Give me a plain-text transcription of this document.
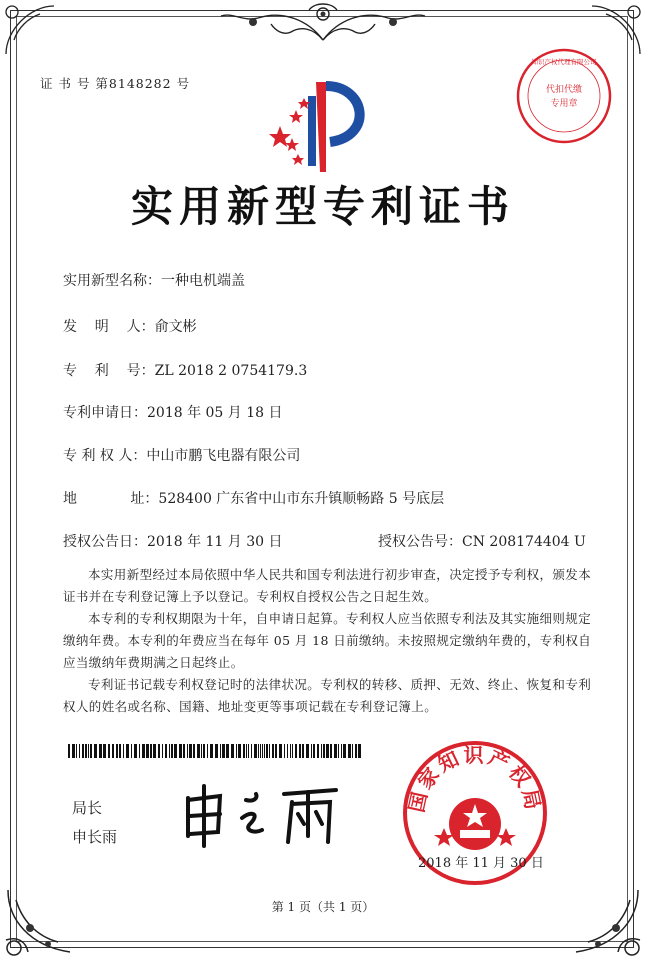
证 书 号 第8148282 号	代扣代缴
专用章
知识产权代理有限公司
实用新型专利证书
实用新型名称：一种电机端盖
发    明    人：俞文彬
专    利    号：ZL 2018 2 0754179.3
专利申请日：2018 年 05 月 18 日
专 利 权 人：中山市鹏飞电器有限公司
地            址：528400 广东省中山市东升镇顺畅路 5 号底层
授权公告日：2018 年 11 月 30 日	授权公告号：CN 208174404 U

本实用新型经过本局依照中华人民共和国专利法进行初步审查，决定授予专利权，颁发本证书并在专利登记簿上予以登记。专利权自授权公告之日起生效。

本专利的专利权期限为十年，自申请日起算。专利权人应当依照专利法及其实施细则规定缴纳年费。本专利的年费应当在每年 05 月 18 日前缴纳。未按照规定缴纳年费的，专利权自应当缴纳年费期满之日起终止。

专利证书记载专利权登记时的法律状况。专利权的转移、质押、无效、终止、恢复和专利权人的姓名或名称、国籍、地址变更等事项记载在专利登记簿上。

局长
申长雨
国家知识产权局
2018 年 11 月 30 日
第 1 页（共 1 页）
